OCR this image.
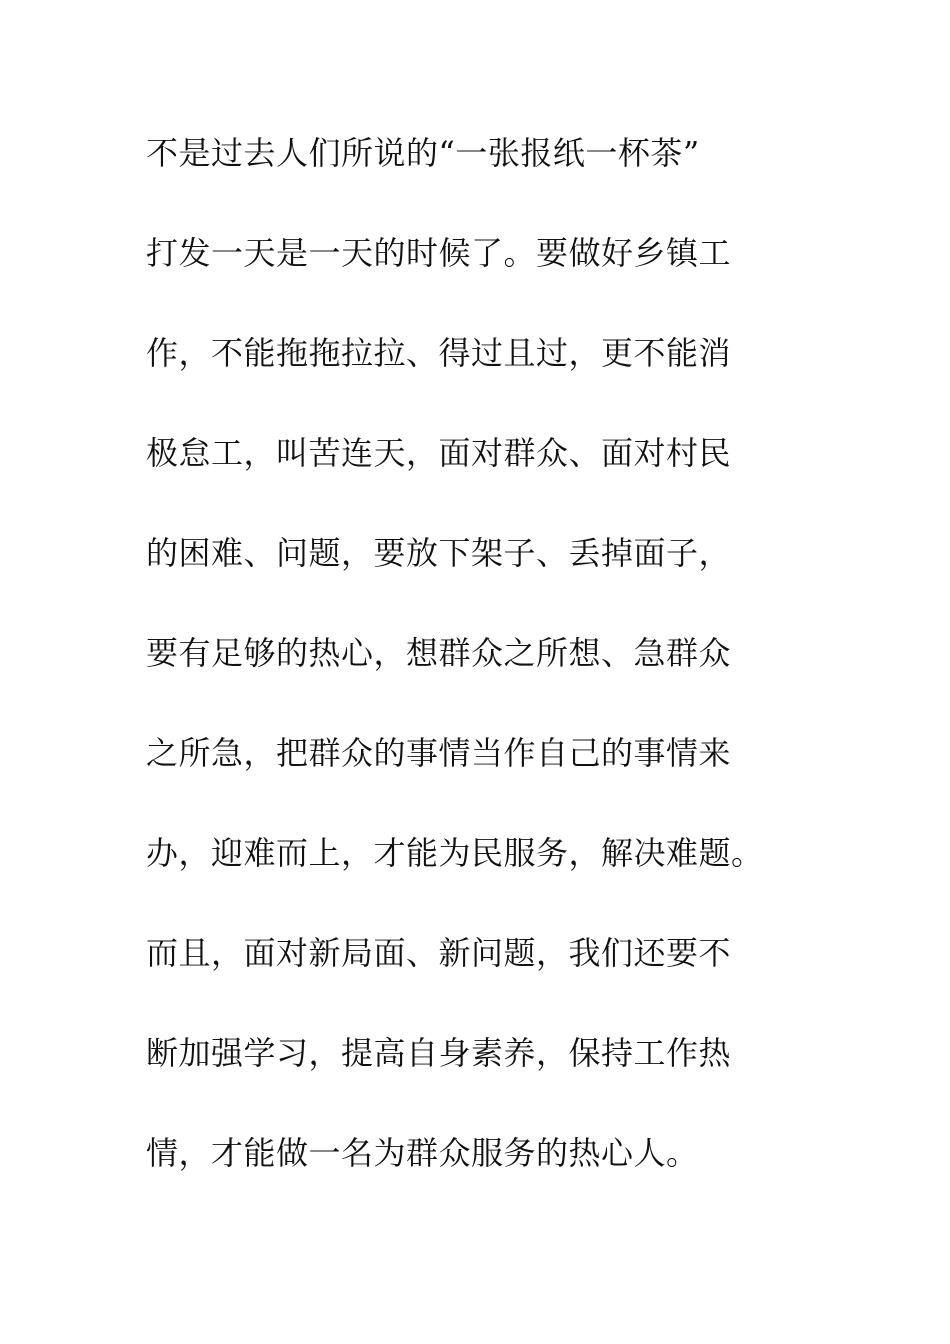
不是过去人们所说的“一张报纸一杯茶”
打发一天是一天的时候了。要做好乡镇工
作，不能拖拖拉拉、得过且过，更不能消
极怠工，叫苦连天，面对群众、面对村民
的困难、问题，要放下架子、丢掉面子，
要有足够的热心，想群众之所想、急群众
之所急，把群众的事情当作自己的事情来
办，迎难而上，才能为民服务，解决难题。
而且，面对新局面、新问题，我们还要不
断加强学习，提高自身素养，保持工作热
情，才能做一名为群众服务的热心人。
